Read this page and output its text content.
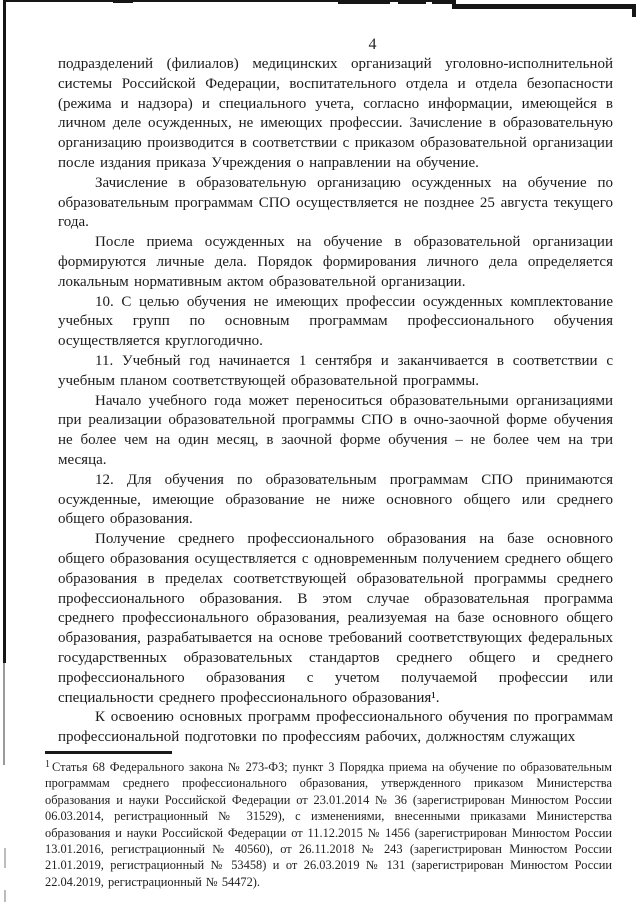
4

подразделений (филиалов) медицинских организаций уголовно-исполнительной системы Российской Федерации, воспитательного отдела и отдела безопасности (режима и надзора) и специального учета, согласно информации, имеющейся в личном деле осужденных, не имеющих профессии. Зачисление в образовательную организацию производится в соответствии с приказом образовательной организации после издания приказа Учреждения о направлении на обучение.

Зачисление в образовательную организацию осужденных на обучение по образовательным программам СПО осуществляется не позднее 25 августа текущего года.

После приема осужденных на обучение в образовательной организации формируются личные дела. Порядок формирования личного дела определяется локальным нормативным актом образовательной организации.

10. С целью обучения не имеющих профессии осужденных комплектование учебных групп по основным программам профессионального обучения осуществляется круглогодично.

11. Учебный год начинается 1 сентября и заканчивается в соответствии с учебным планом соответствующей образовательной программы.

Начало учебного года может переноситься образовательными организациями при реализации образовательной программы СПО в очно-заочной форме обучения не более чем на один месяц, в заочной форме обучения – не более чем на три месяца.

12. Для обучения по образовательным программам СПО принимаются осужденные, имеющие образование не ниже основного общего или среднего общего образования.

Получение среднего профессионального образования на базе основного общего образования осуществляется с одновременным получением среднего общего образования в пределах соответствующей образовательной программы среднего профессионального образования. В этом случае образовательная программа среднего профессионального образования, реализуемая на базе основного общего образования, разрабатывается на основе требований соответствующих федеральных государственных образовательных стандартов среднего общего и среднего профессионального образования с учетом получаемой профессии или специальности среднего профессионального образования¹.

К освоению основных программ профессионального обучения по программам профессиональной подготовки по профессиям рабочих, должностям служащих

$^1$ Статья 68 Федерального закона № 273-ФЗ; пункт 3 Порядка приема на обучение по образовательным программам среднего профессионального образования, утвержденного приказом Министерства образования и науки Российской Федерации от 23.01.2014 № 36 (зарегистрирован Минюстом России 06.03.2014, регистрационный № 31529), с изменениями, внесенными приказами Министерства образования и науки Российской Федерации от 11.12.2015 № 1456 (зарегистрирован Минюстом России 13.01.2016, регистрационный № 40560), от 26.11.2018 № 243 (зарегистрирован Минюстом России 21.01.2019, регистрационный № 53458) и от 26.03.2019 № 131 (зарегистрирован Минюстом России 22.04.2019, регистрационный № 54472).
